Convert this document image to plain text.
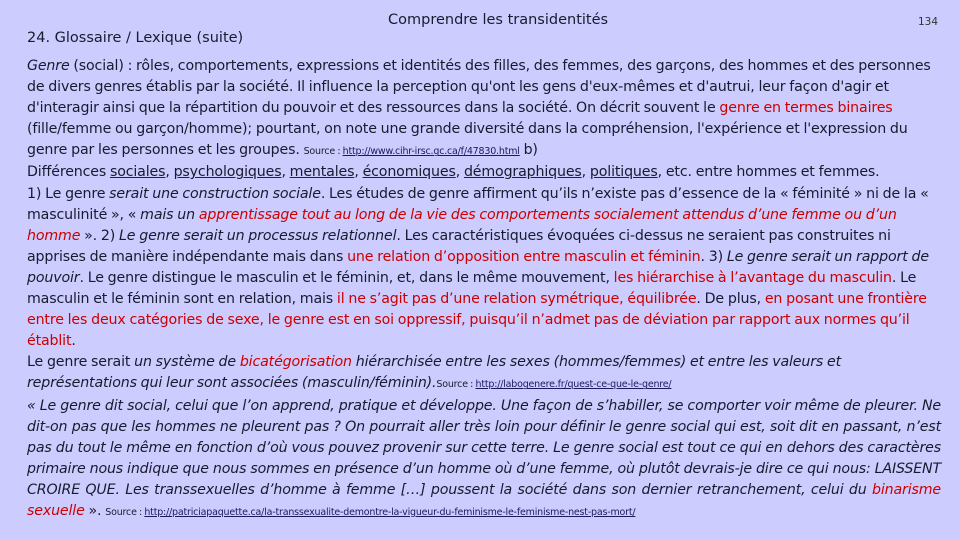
24. Glossaire / Lexique (suite)
Comprendre les transidentités	134

Genre (social) : rôles, comportements, expressions et identités des filles, des femmes, des garçons, des hommes et des personnes de divers genres établis par la société. Il influence la perception qu'ont les gens d'eux-mêmes et d'autrui, leur façon d'agir et d'interagir ainsi que la répartition du pouvoir et des ressources dans la société. On décrit souvent le genre en termes binaires (fille/femme ou garçon/homme); pourtant, on note une grande diversité dans la compréhension, l'expérience et l'expression du genre par les personnes et les groupes. Source : http://www.cihr-irsc.gc.ca/f/47830.html b)

Différences sociales, psychologiques, mentales, économiques, démographiques, politiques, etc. entre hommes et femmes.

1) Le genre serait une construction sociale. Les études de genre affirment qu’ils n’existe pas d’essence de la « féminité » ni de la « masculinité », « mais un apprentissage tout au long de la vie des comportements socialement attendus d’une femme ou d’un homme ». 2) Le genre serait un processus relationnel. Les caractéristiques évoquées ci-dessus ne seraient pas construites ni apprises de manière indépendante mais dans une relation d’opposition entre masculin et féminin. 3) Le genre serait un rapport de pouvoir. Le genre distingue le masculin et le féminin, et, dans le même mouvement, les hiérarchise à l’avantage du masculin. Le masculin et le féminin sont en relation, mais il ne s’agit pas d’une relation symétrique, équilibrée. De plus, en posant une frontière entre les deux catégories de sexe, le genre est en soi oppressif, puisqu’il n’admet pas de déviation par rapport aux normes qu’il établit.

Le genre serait un système de bicatégorisation hiérarchisée entre les sexes (hommes/femmes) et entre les valeurs et représentations qui leur sont associées (masculin/féminin).Source : http://labogenere.fr/quest-ce-que-le-genre/

« Le genre dit social, celui que l’on apprend, pratique et développe. Une façon de s’habiller, se comporter voir même de pleurer. Ne dit-on pas que les hommes ne pleurent pas ? On pourrait aller très loin pour définir le genre social qui est, soit dit en passant, n’est pas du tout le même en fonction d’où vous pouvez provenir sur cette terre. Le genre social est tout ce qui en dehors des caractères primaire nous indique que nous sommes en présence d’un homme où d’une femme, où plutôt devrais-je dire ce qui nous: LAISSENT CROIRE QUE. Les transsexuelles d’homme à femme […] poussent la société dans son dernier retranchement, celui du binarisme sexuelle ». Source : http://patriciapaquette.ca/la-transsexualite-demontre-la-vigueur-du-feminisme-le-feminisme-nest-pas-mort/
